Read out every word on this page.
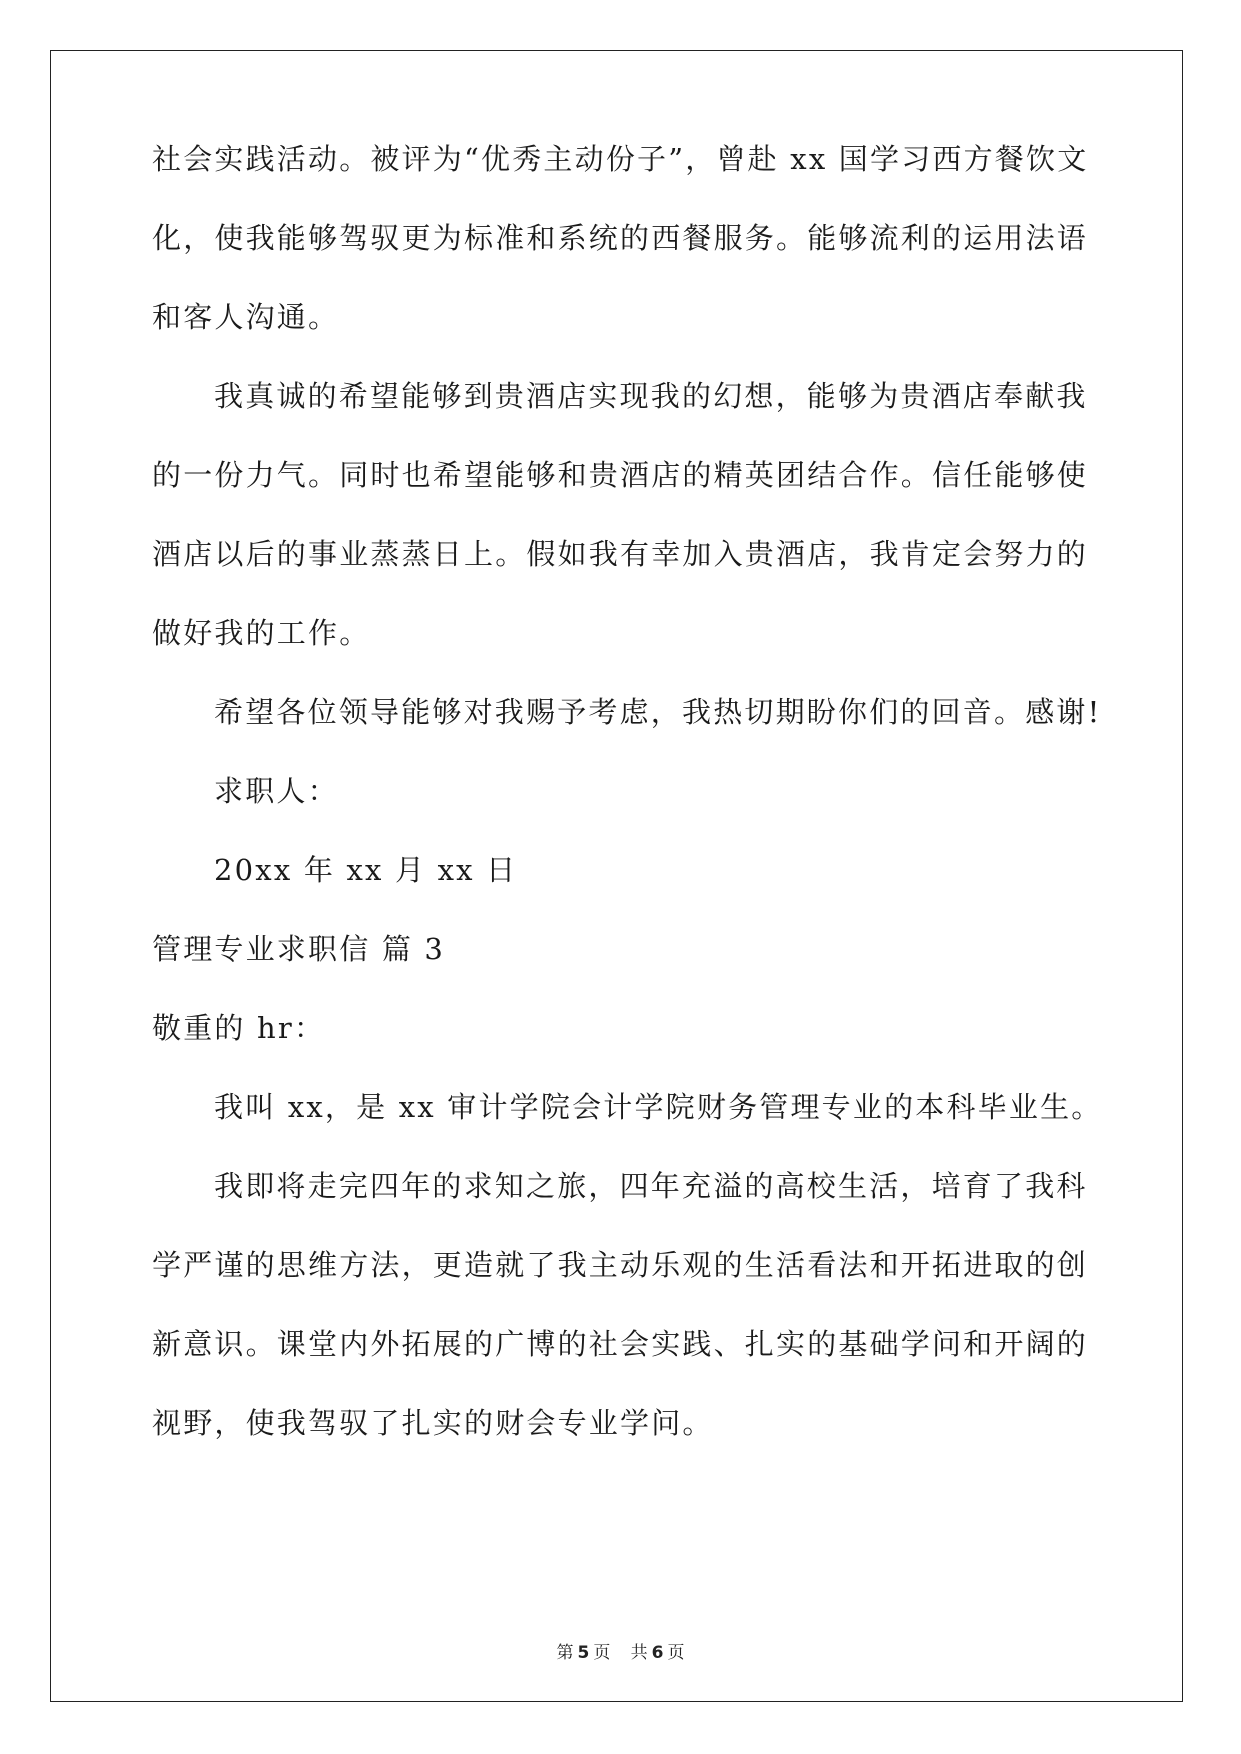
社会实践活动。被评为“优秀主动份子”，曾赴 xx 国学习西方餐饮文
化，使我能够驾驭更为标准和系统的西餐服务。能够流利的运用法语
和客人沟通。
我真诚的希望能够到贵酒店实现我的幻想，能够为贵酒店奉献我
的一份力气。同时也希望能够和贵酒店的精英团结合作。信任能够使
酒店以后的事业蒸蒸日上。假如我有幸加入贵酒店，我肯定会努力的
做好我的工作。
希望各位领导能够对我赐予考虑，我热切期盼你们的回音。感谢!
求职人：
20xx 年 xx 月 xx 日
管理专业求职信 篇 3
敬重的 hr：
我叫 xx，是 xx 审计学院会计学院财务管理专业的本科毕业生。
我即将走完四年的求知之旅，四年充溢的高校生活，培育了我科
学严谨的思维方法，更造就了我主动乐观的生活看法和开拓进取的创
新意识。课堂内外拓展的广博的社会实践、扎实的基础学问和开阔的
视野，使我驾驭了扎实的财会专业学问。
第 5 页 共 6 页
